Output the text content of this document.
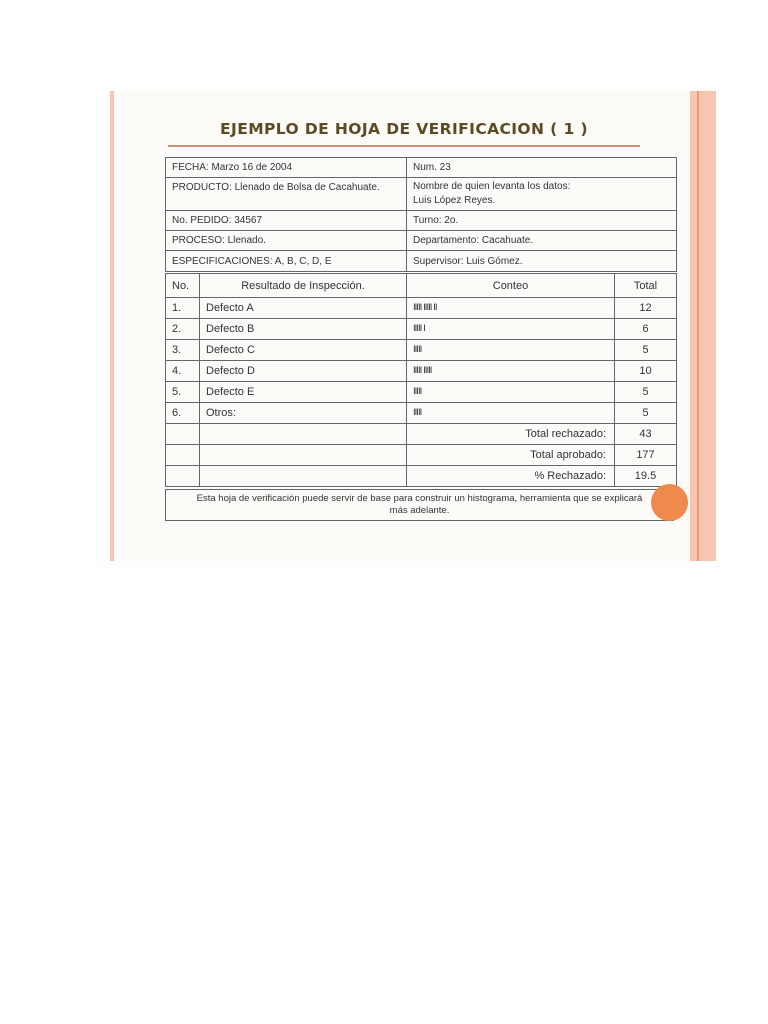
EJEMPLO DE HOJA DE VERIFICACION ( 1 )
FECHA: Marzo 16 de 2004	Num. 23
PRODUCTO: Llenado de Bolsa de Cacahuate.	Nombre de quien levanta los datos:
Luis López Reyes.

No. PEDIDO: 34567	Turno: 2o.
PROCESO: Llenado.	Departamento: Cacahuate.
ESPECIFICACIONES: A, B, C, D, E	Supervisor: Luis Gómez.
No.	Resultado de Inspección.	Conteo	Total
1.	Defecto A	IIIII IIIII II	12
2.	Defecto B	IIIII I	6
3.	Defecto C	IIIII	5
4.	Defecto D	IIIII IIIII	10
5.	Defecto E	IIIII	5
6.	Otros:	IIIII	5
		Total rechazado:	43
		Total aprobado:	177
		% Rechazado:	19.5
Esta hoja de verificación puede servir de base para construir un histograma, herramienta que se explicará
más adelante.
